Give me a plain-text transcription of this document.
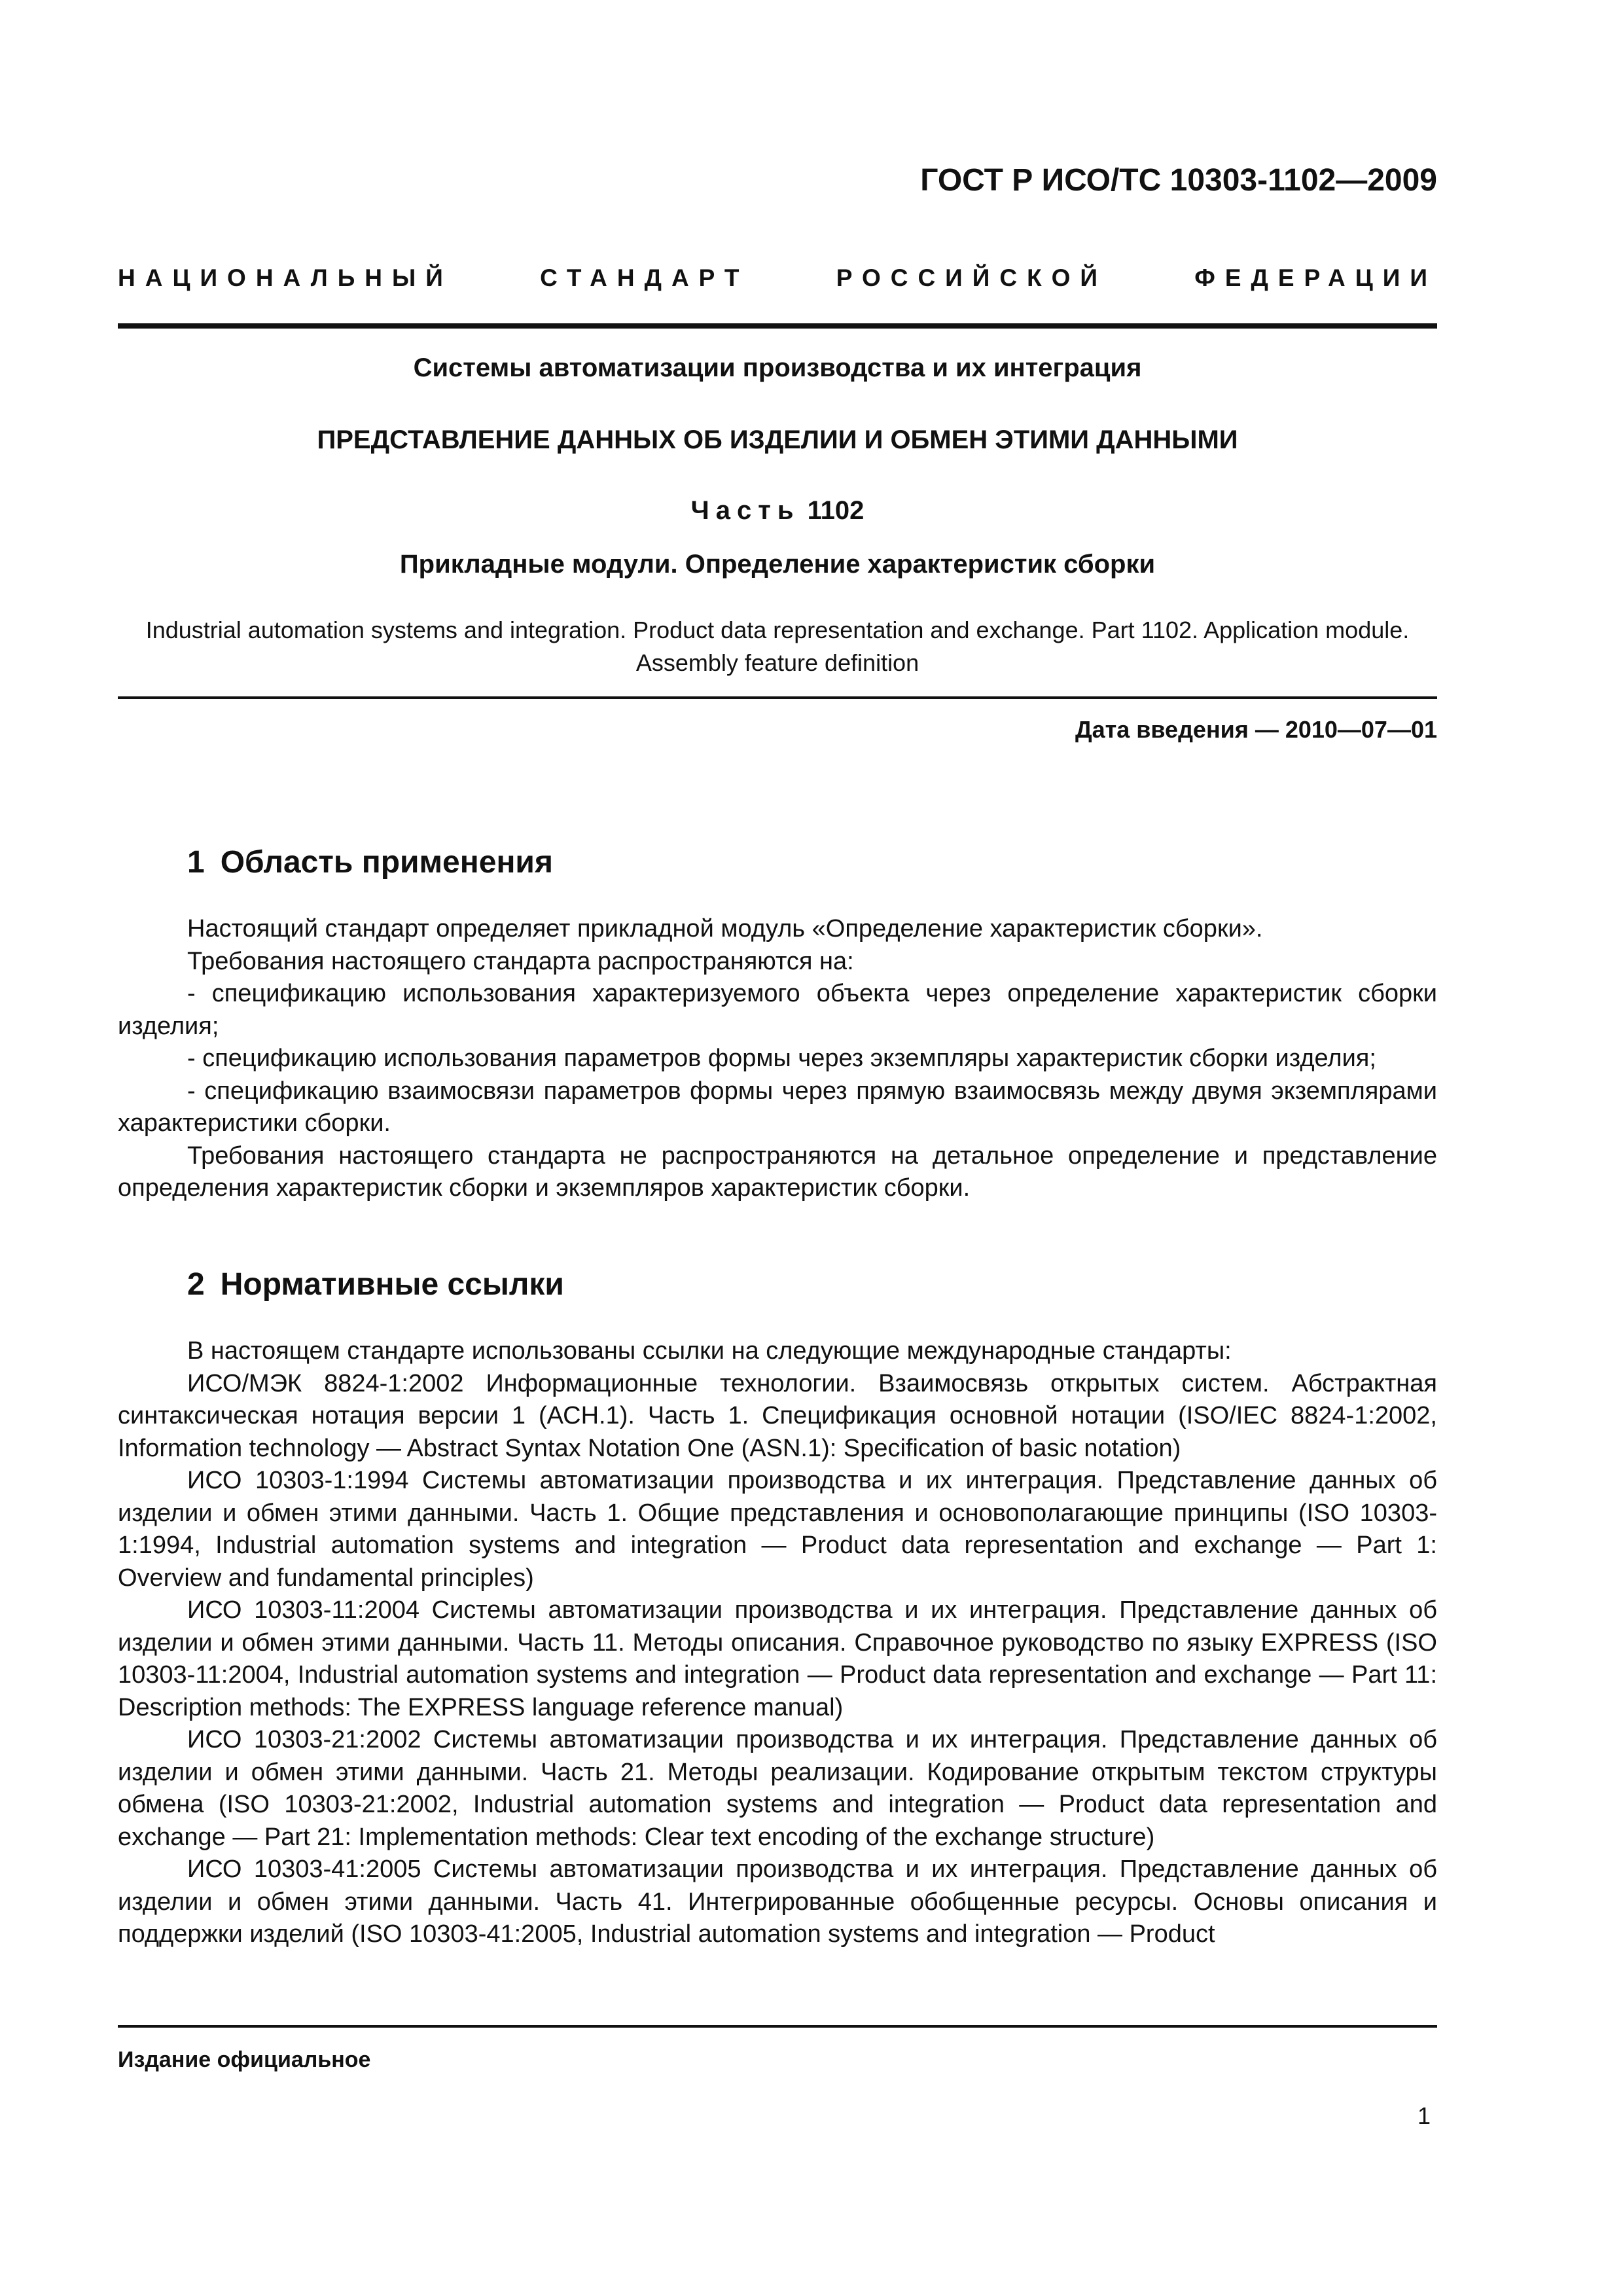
ГОСТ Р ИСО/ТС 10303-1102—2009
НАЦИОНАЛЬНЫЙ	СТАНДАРТ	РОССИЙСКОЙ	ФЕДЕРАЦИИ
Системы автоматизации производства и их интеграция
ПРЕДСТАВЛЕНИЕ ДАННЫХ ОБ ИЗДЕЛИИ И ОБМЕН ЭТИМИ ДАННЫМИ
Часть 1102
Прикладные модули. Определение характеристик сборки
Industrial automation systems and integration. Product data representation and exchange. Part 1102. Application module.
Assembly feature definition
Дата введения — 2010—07—01
1 Область применения

Настоящий стандарт определяет прикладной модуль «Определение характеристик сборки».

Требования настоящего стандарта распространяются на:

- спецификацию использования характеризуемого объекта через определение характеристик сборки изделия;

- спецификацию использования параметров формы через экземпляры характеристик сборки изделия;

- спецификацию взаимосвязи параметров формы через прямую взаимосвязь между двумя экземплярами характеристики сборки.

Требования настоящего стандарта не распространяются на детальное определение и представление определения характеристик сборки и экземпляров характеристик сборки.

2 Нормативные ссылки

В настоящем стандарте использованы ссылки на следующие международные стандарты:

ИСО/МЭК 8824-1:2002 Информационные технологии. Взаимосвязь открытых систем. Абстрактная синтаксическая нотация версии 1 (АСН.1). Часть 1. Спецификация основной нотации (ISO/IEC 8824-1:2002, Information technology — Abstract Syntax Notation One (ASN.1): Specification of basic notation)

ИСО 10303-1:1994 Системы автоматизации производства и их интеграция. Представление данных об изделии и обмен этими данными. Часть 1. Общие представления и основополагающие принципы (ISO 10303-1:1994, Industrial automation systems and integration — Product data representation and exchange — Part 1: Overview and fundamental principles)

ИСО 10303-11:2004 Системы автоматизации производства и их интеграция. Представление данных об изделии и обмен этими данными. Часть 11. Методы описания. Справочное руководство по языку EXPRESS (ISO 10303-11:2004, Industrial automation systems and integration — Product data representation and exchange — Part 11: Description methods: The EXPRESS language reference manual)

ИСО 10303-21:2002 Системы автоматизации производства и их интеграция. Представление данных об изделии и обмен этими данными. Часть 21. Методы реализации. Кодирование открытым текстом структуры обмена (ISO 10303-21:2002, Industrial automation systems and integration — Product data representation and exchange — Part 21: Implementation methods: Clear text encoding of the exchange structure)

ИСО 10303-41:2005 Системы автоматизации производства и их интеграция. Представление данных об изделии и обмен этими данными. Часть 41. Интегрированные обобщенные ресурсы. Основы описания и поддержки изделий (ISO 10303-41:2005, Industrial automation systems and integration — Product

Издание официальное
1
